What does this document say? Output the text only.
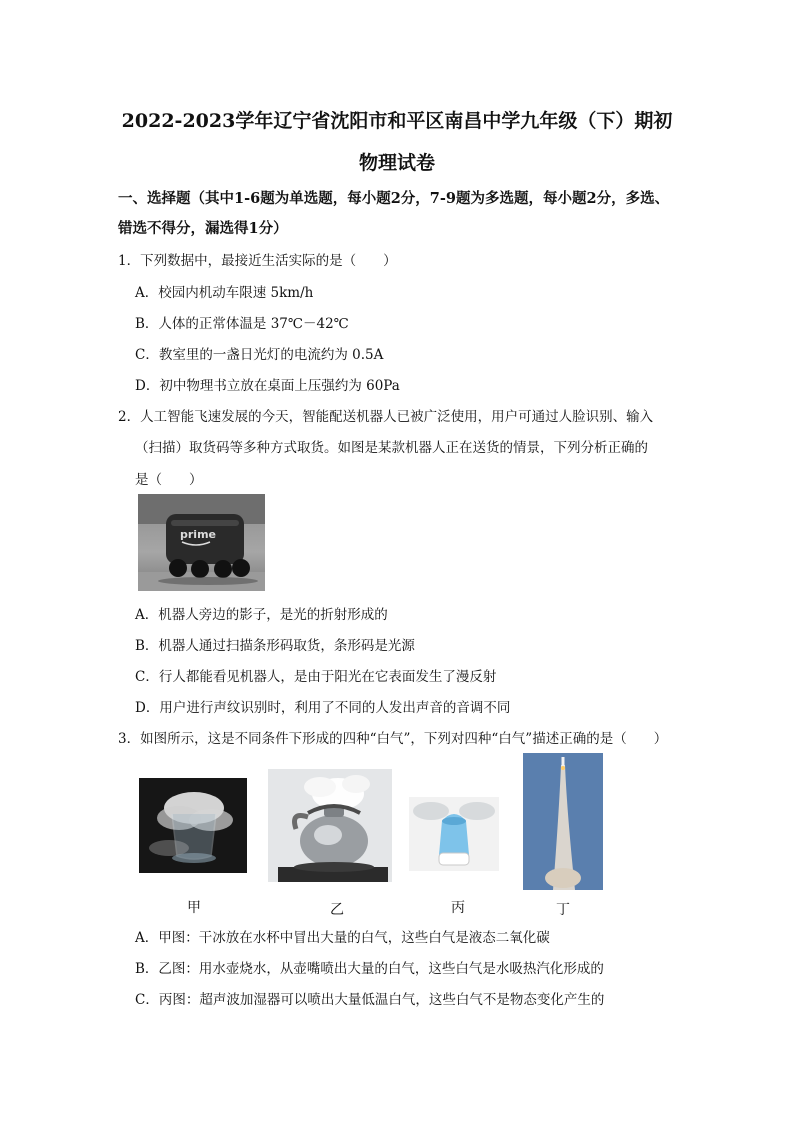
2022-2023学年辽宁省沈阳市和平区南昌中学九年级（下）期初
物理试卷
一、选择题（其中1-6题为单选题，每小题2分，7-9题为多选题，每小题2分，多选、错选不得分，漏选得1分）
1．下列数据中，最接近生活实际的是（　　）
A．校园内机动车限速 5km/h
B．人体的正常体温是 37℃－42℃
C．教室里的一盏日光灯的电流约为 0.5A
D．初中物理书立放在桌面上压强约为 60Pa
2．人工智能飞速发展的今天，智能配送机器人已被广泛使用，用户可通过人脸识别、输入
（扫描）取货码等多种方式取货。如图是某款机器人正在送货的情景，下列分析正确的
是（　　）
prime
A．机器人旁边的影子，是光的折射形成的
B．机器人通过扫描条形码取货，条形码是光源
C．行人都能看见机器人，是由于阳光在它表面发生了漫反射
D．用户进行声纹识别时，利用了不同的人发出声音的音调不同
3．如图所示，这是不同条件下形成的四种“白气”，下列对四种“白气”描述正确的是（　　）
甲	乙	丙	丁
A．甲图：干冰放在水杯中冒出大量的白气，这些白气是液态二氧化碳
B．乙图：用水壶烧水，从壶嘴喷出大量的白气，这些白气是水吸热汽化形成的
C．丙图：超声波加湿器可以喷出大量低温白气，这些白气不是物态变化产生的
